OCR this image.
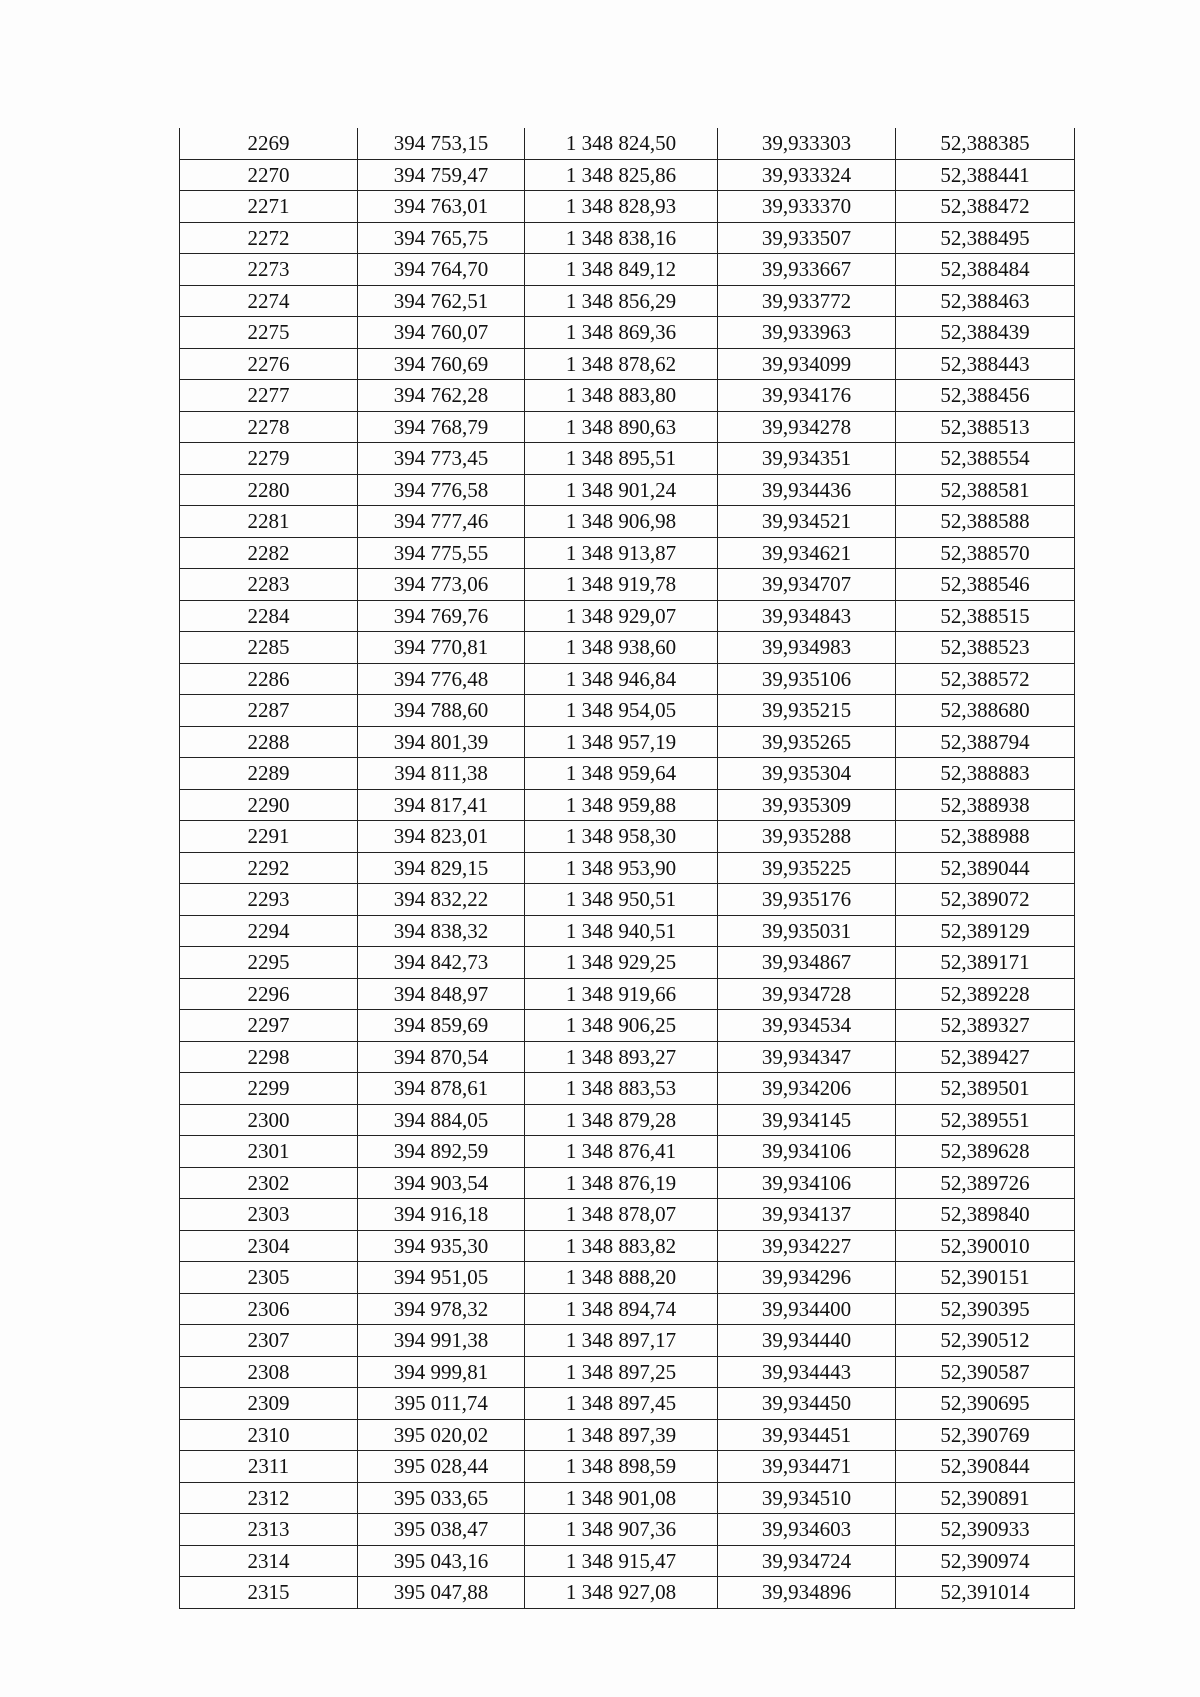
2269	394 753,15	1 348 824,50	39,933303	52,388385
2270	394 759,47	1 348 825,86	39,933324	52,388441
2271	394 763,01	1 348 828,93	39,933370	52,388472
2272	394 765,75	1 348 838,16	39,933507	52,388495
2273	394 764,70	1 348 849,12	39,933667	52,388484
2274	394 762,51	1 348 856,29	39,933772	52,388463
2275	394 760,07	1 348 869,36	39,933963	52,388439
2276	394 760,69	1 348 878,62	39,934099	52,388443
2277	394 762,28	1 348 883,80	39,934176	52,388456
2278	394 768,79	1 348 890,63	39,934278	52,388513
2279	394 773,45	1 348 895,51	39,934351	52,388554
2280	394 776,58	1 348 901,24	39,934436	52,388581
2281	394 777,46	1 348 906,98	39,934521	52,388588
2282	394 775,55	1 348 913,87	39,934621	52,388570
2283	394 773,06	1 348 919,78	39,934707	52,388546
2284	394 769,76	1 348 929,07	39,934843	52,388515
2285	394 770,81	1 348 938,60	39,934983	52,388523
2286	394 776,48	1 348 946,84	39,935106	52,388572
2287	394 788,60	1 348 954,05	39,935215	52,388680
2288	394 801,39	1 348 957,19	39,935265	52,388794
2289	394 811,38	1 348 959,64	39,935304	52,388883
2290	394 817,41	1 348 959,88	39,935309	52,388938
2291	394 823,01	1 348 958,30	39,935288	52,388988
2292	394 829,15	1 348 953,90	39,935225	52,389044
2293	394 832,22	1 348 950,51	39,935176	52,389072
2294	394 838,32	1 348 940,51	39,935031	52,389129
2295	394 842,73	1 348 929,25	39,934867	52,389171
2296	394 848,97	1 348 919,66	39,934728	52,389228
2297	394 859,69	1 348 906,25	39,934534	52,389327
2298	394 870,54	1 348 893,27	39,934347	52,389427
2299	394 878,61	1 348 883,53	39,934206	52,389501
2300	394 884,05	1 348 879,28	39,934145	52,389551
2301	394 892,59	1 348 876,41	39,934106	52,389628
2302	394 903,54	1 348 876,19	39,934106	52,389726
2303	394 916,18	1 348 878,07	39,934137	52,389840
2304	394 935,30	1 348 883,82	39,934227	52,390010
2305	394 951,05	1 348 888,20	39,934296	52,390151
2306	394 978,32	1 348 894,74	39,934400	52,390395
2307	394 991,38	1 348 897,17	39,934440	52,390512
2308	394 999,81	1 348 897,25	39,934443	52,390587
2309	395 011,74	1 348 897,45	39,934450	52,390695
2310	395 020,02	1 348 897,39	39,934451	52,390769
2311	395 028,44	1 348 898,59	39,934471	52,390844
2312	395 033,65	1 348 901,08	39,934510	52,390891
2313	395 038,47	1 348 907,36	39,934603	52,390933
2314	395 043,16	1 348 915,47	39,934724	52,390974
2315	395 047,88	1 348 927,08	39,934896	52,391014
